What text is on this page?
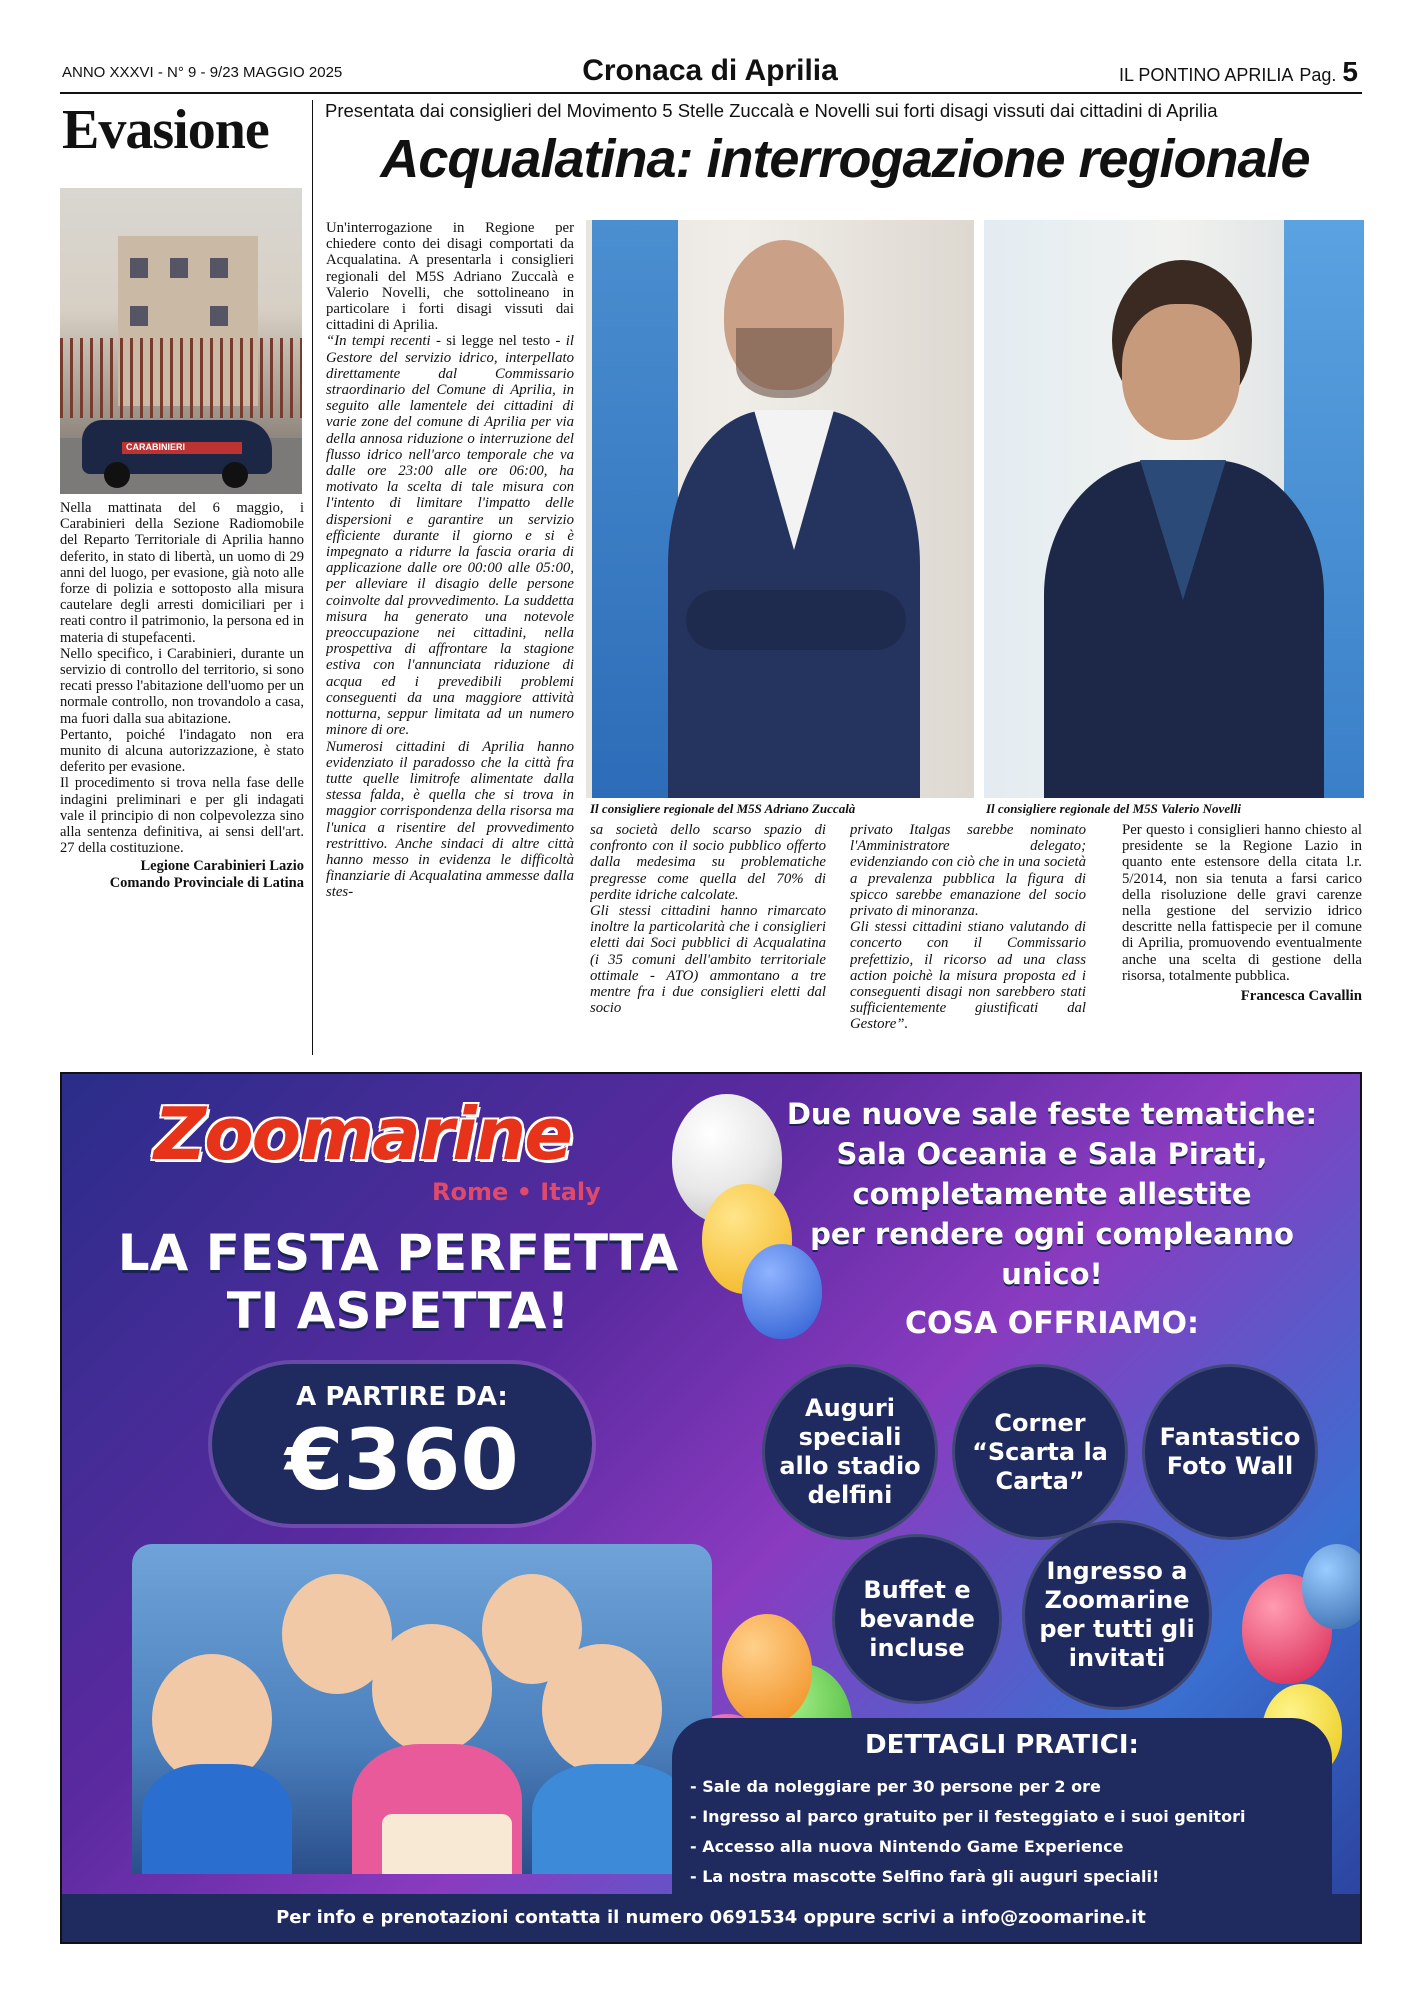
ANNO XXXVI - N° 9 - 9/23 MAGGIO 2025	Cronaca di Aprilia	IL PONTINO APRILIA Pag. 5
Evasione
CARABINIERI

Nella mattinata del 6 maggio, i Carabinieri della Sezione Radiomobile del Reparto Territoriale di Aprilia hanno deferito, in stato di libertà, un uomo di 29 anni del luogo, per evasione, già noto alle forze di polizia e sottoposto alla misura cautelare degli arresti domiciliari per i reati contro il patrimonio, la persona ed in materia di stupefacenti.

Nello specifico, i Carabinieri, durante un servizio di controllo del territorio, si sono recati presso l'abitazione dell'uomo per un normale controllo, non trovandolo a casa, ma fuori dalla sua abitazione.

Pertanto, poiché l'indagato non era munito di alcuna autorizzazione, è stato deferito per evasione.

Il procedimento si trova nella fase delle indagini preliminari e per gli indagati vale il principio di non colpevolezza sino alla sentenza definitiva, ai sensi dell'art. 27 della costituzione.

Legione Carabinieri Lazio

Comando Provinciale di Latina

Presentata dai consiglieri del Movimento 5 Stelle Zuccalà e Novelli sui forti disagi vissuti dai cittadini di Aprilia
Acqualatina: interrogazione regionale

Un'interrogazione in Regione per chiedere conto dei disagi comportati da Acqualatina. A presentarla i consiglieri regionali del M5S Adriano Zuccalà e Valerio Novelli, che sottolineano in particolare i forti disagi vissuti dai cittadini di Aprilia.

“In tempi recenti - si legge nel testo - il Gestore del servizio idrico, interpellato direttamente dal Commissario straordinario del Comune di Aprilia, in seguito alle lamentele dei cittadini di varie zone del comune di Aprilia per via della annosa riduzione o interruzione del flusso idrico nell'arco temporale che va dalle ore 23:00 alle ore 06:00, ha motivato la scelta di tale misura con l'intento di limitare l'impatto delle dispersioni e garantire un servizio efficiente durante il giorno e si è impegnato a ridurre la fascia oraria di applicazione dalle ore 00:00 alle 05:00, per alleviare il disagio delle persone coinvolte dal provvedimento. La suddetta misura ha generato una notevole preoccupazione nei cittadini, nella prospettiva di affrontare la stagione estiva con l'annunciata riduzione di acqua ed i prevedibili problemi conseguenti da una maggiore attività notturna, seppur limitata ad un numero minore di ore.

Numerosi cittadini di Aprilia hanno evidenziato il paradosso che la città fra tutte quelle limitrofe alimentate dalla stessa falda, è quella che si trova in maggior corrispondenza della risorsa ma l'unica a risentire del provvedimento restrittivo. Anche sindaci di altre città hanno messo in evidenza le difficoltà finanziarie di Acqualatina ammesse dalla stes-

Il consigliere regionale del M5S Adriano Zuccalà	Il consigliere regionale del M5S Valerio Novelli

sa società dello scarso spazio di confronto con il socio pubblico offerto dalla medesima su problematiche pregresse come quella del 70% di perdite idriche calcolate.

Gli stessi cittadini hanno rimarcato inoltre la particolarità che i consiglieri eletti dai Soci pubblici di Acqualatina (i 35 comuni dell'ambito territoriale ottimale - ATO) ammontano a tre mentre fra i due consiglieri eletti dal socio

privato Italgas sarebbe nominato l'Amministratore delegato; evidenziando con ciò che in una società a prevalenza pubblica la figura di spicco sarebbe emanazione del socio privato di minoranza.

Gli stessi cittadini stiano valutando di concerto con il Commissario prefettizio, il ricorso ad una class action poichè la misura proposta ed i conseguenti disagi non sarebbero stati sufficientemente giustificati dal Gestore”.

Per questo i consiglieri hanno chiesto al presidente se la Regione Lazio in quanto ente estensore della citata l.r. 5/2014, non sia tenuta a farsi carico della risoluzione delle gravi carenze nella gestione del servizio idrico descritte nella fattispecie per il comune di Aprilia, promuovendo eventualmente anche una scelta di gestione della risorsa, totalmente pubblica.

Francesca Cavallin

Zoomarine
Rome • Italy
LA FESTA PERFETTA
TI ASPETTA!
A PARTIRE DA:
€360
Due nuove sale feste tematiche:
Sala Oceania e Sala Pirati,
completamente allestite
per rendere ogni compleanno
unico!
COSA OFFRIAMO:
Auguri speciali allo stadio delfini
Corner “Scarta la Carta”
Fantastico Foto Wall
Buffet e bevande incluse
Ingresso a Zoomarine per tutti gli invitati
DETTAGLI PRATICI:
- Sale da noleggiare per 30 persone per 2 ore
- Ingresso al parco gratuito per il festeggiato e i suoi genitori
- Accesso alla nuova Nintendo Game Experience
- La nostra mascotte Selfino farà gli auguri speciali!
Per info e prenotazioni contatta il numero 0691534 oppure scrivi a info@zoomarine.it
